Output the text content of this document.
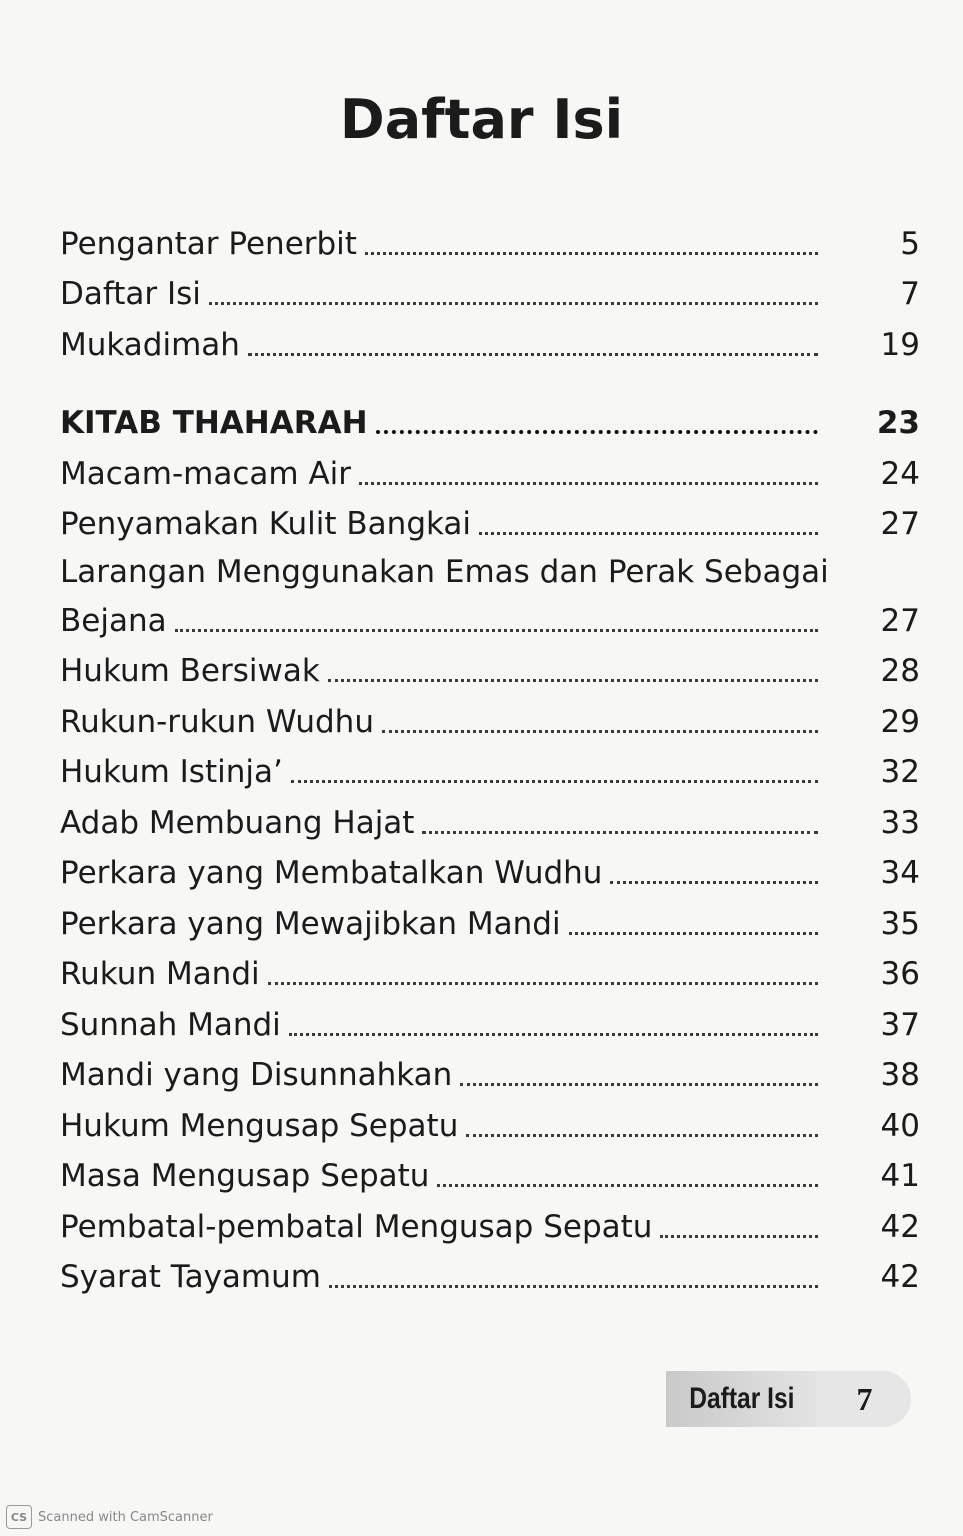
Daftar Isi
Pengantar Penerbit	5
Daftar Isi	7
Mukadimah	19
KITAB THAHARAH	23
Macam-macam Air	24
Penyamakan Kulit Bangkai	27
Larangan Menggunakan Emas dan Perak Sebagai
Bejana	27
Hukum Bersiwak	28
Rukun-rukun Wudhu	29
Hukum Istinja’	32
Adab Membuang Hajat	33
Perkara yang Membatalkan Wudhu	34
Perkara yang Mewajibkan Mandi	35
Rukun Mandi	36
Sunnah Mandi	37
Mandi yang Disunnahkan	38
Hukum Mengusap Sepatu	40
Masa Mengusap Sepatu	41
Pembatal-pembatal Mengusap Sepatu	42
Syarat Tayamum	42
Daftar Isi	7
CS Scanned with CamScanner
